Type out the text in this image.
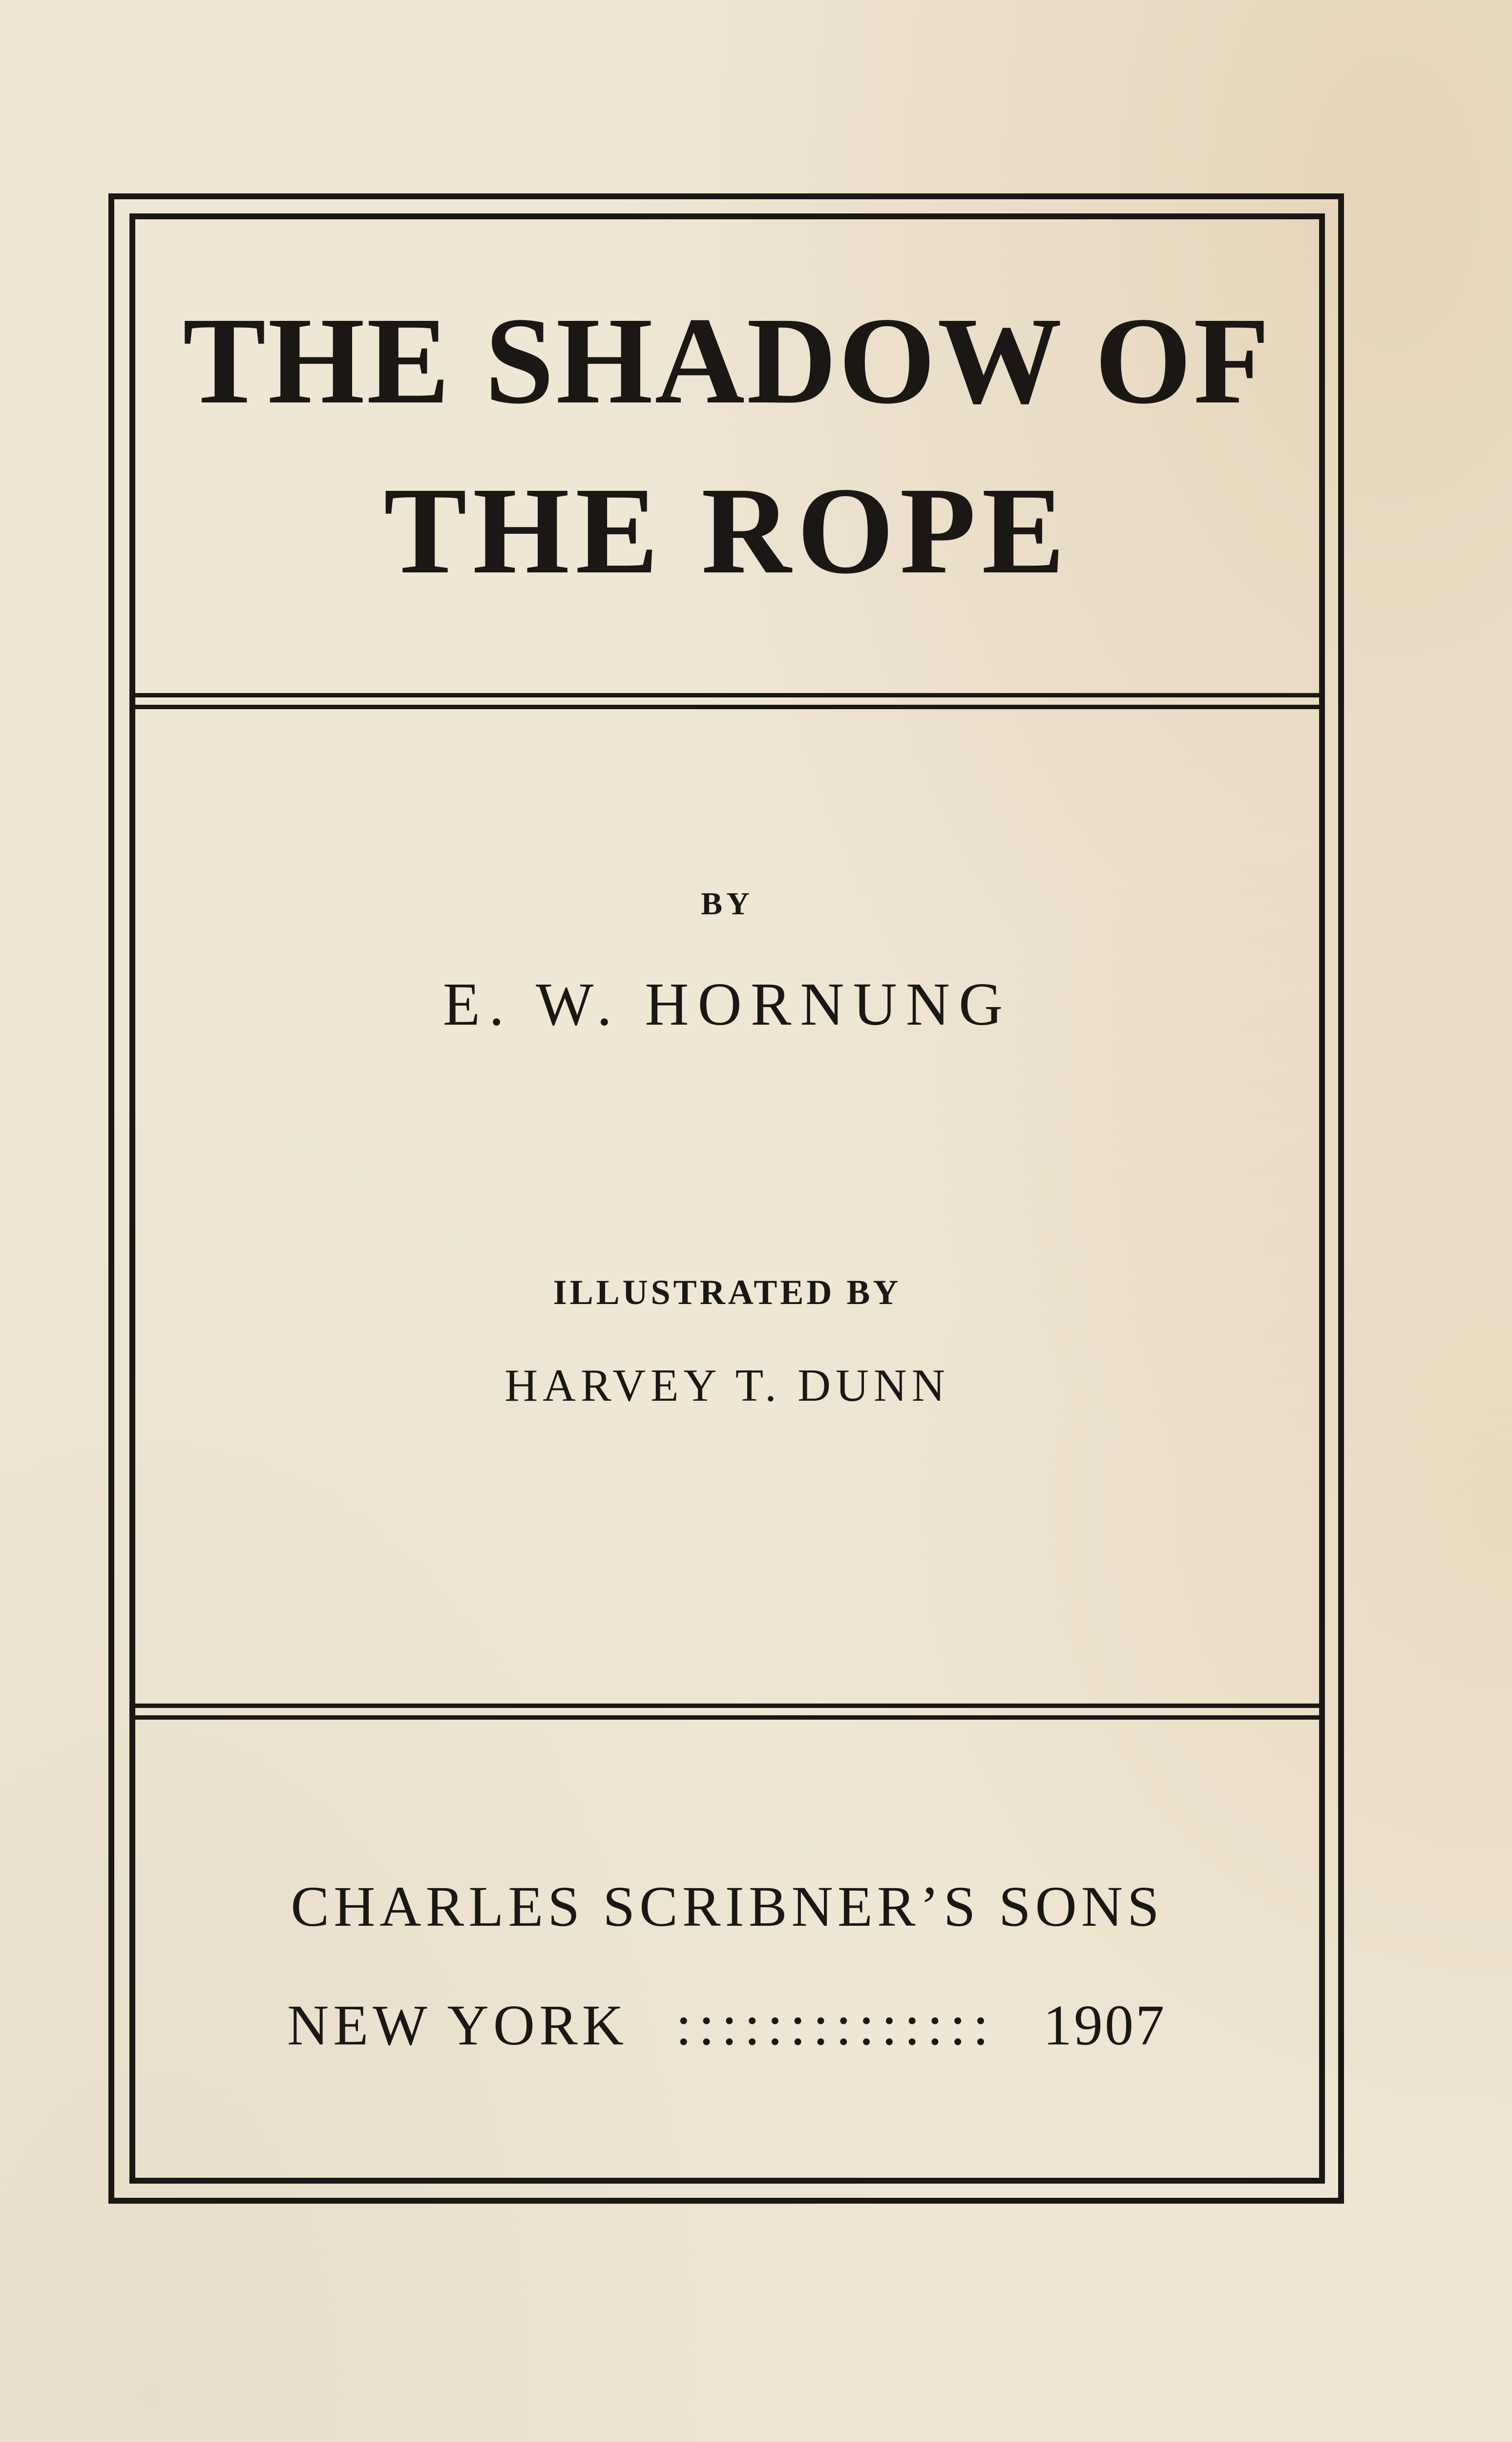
THE SHADOW OF
THE ROPE
BY
E. W. HORNUNG
ILLUSTRATED BY
HARVEY T. DUNN
CHARLES SCRIBNER’S SONS
NEW YORK :::::::::::::: 1907
